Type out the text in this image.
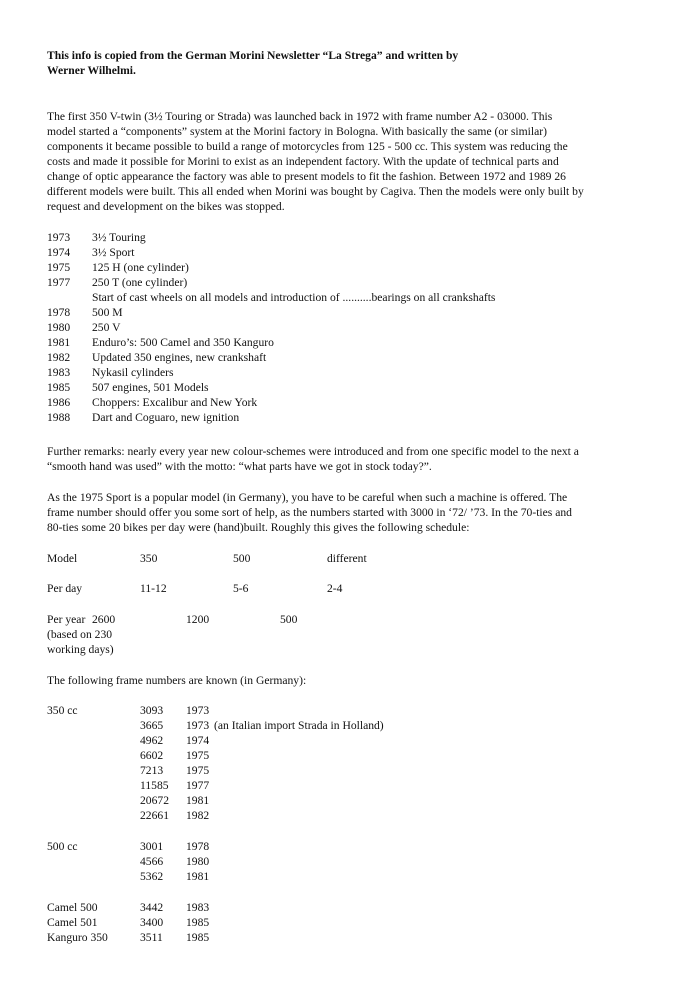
This info is copied from the German Morini Newsletter “La Strega” and written by
Werner Wilhelmi.
The first 350 V-twin (3½ Touring or Strada) was launched back in 1972 with frame number A2 - 03000. This
model started a “components” system at the Morini factory in Bologna. With basically the same (or similar)
components it became possible to build a range of motorcycles from 125 - 500 cc. This system was reducing the
costs and made it possible for Morini to exist as an independent factory. With the update of technical parts and
change of optic appearance the factory was able to present models to fit the fashion. Between 1972 and 1989 26
different models were built. This all ended when Morini was bought by Cagiva. Then the models were only built by
request and development on the bikes was stopped.
1973 3½ Touring
1974 3½ Sport
1975 125 H (one cylinder)
1977 250 T (one cylinder)
Start of cast wheels on all models and introduction of ..........bearings on all crankshafts
1978 500 M
1980 250 V
1981 Enduro’s: 500 Camel and 350 Kanguro
1982 Updated 350 engines, new crankshaft
1983 Nykasil cylinders
1985 507 engines, 501 Models
1986 Choppers: Excalibur and New York
1988 Dart and Coguaro, new ignition
Further remarks: nearly every year new colour-schemes were introduced and from one specific model to the next a
“smooth hand was used” with the motto: “what parts have we got in stock today?”.
As the 1975 Sport is a popular model (in Germany), you have to be careful when such a machine is offered. The
frame number should offer you some sort of help, as the numbers started with 3000 in ‘72/ ’73. In the 70-ties and
80-ties some 20 bikes per day were (hand)built. Roughly this gives the following schedule:
Model	350	500	different
Per day	11-12	5-6	2-4
Per year 2600	1200	500
(based on 230
working days)
The following frame numbers are known (in Germany):
350 cc	3093 1973
3665 1973 (an Italian import Strada in Holland)
4962 1974
6602 1975
7213 1975
11585 1977
20672 1981
22661 1982
500 cc	3001 1978
4566 1980
5362 1981
Camel 500	3442 1983
Camel 501	3400 1985
Kanguro 350	3511 1985
